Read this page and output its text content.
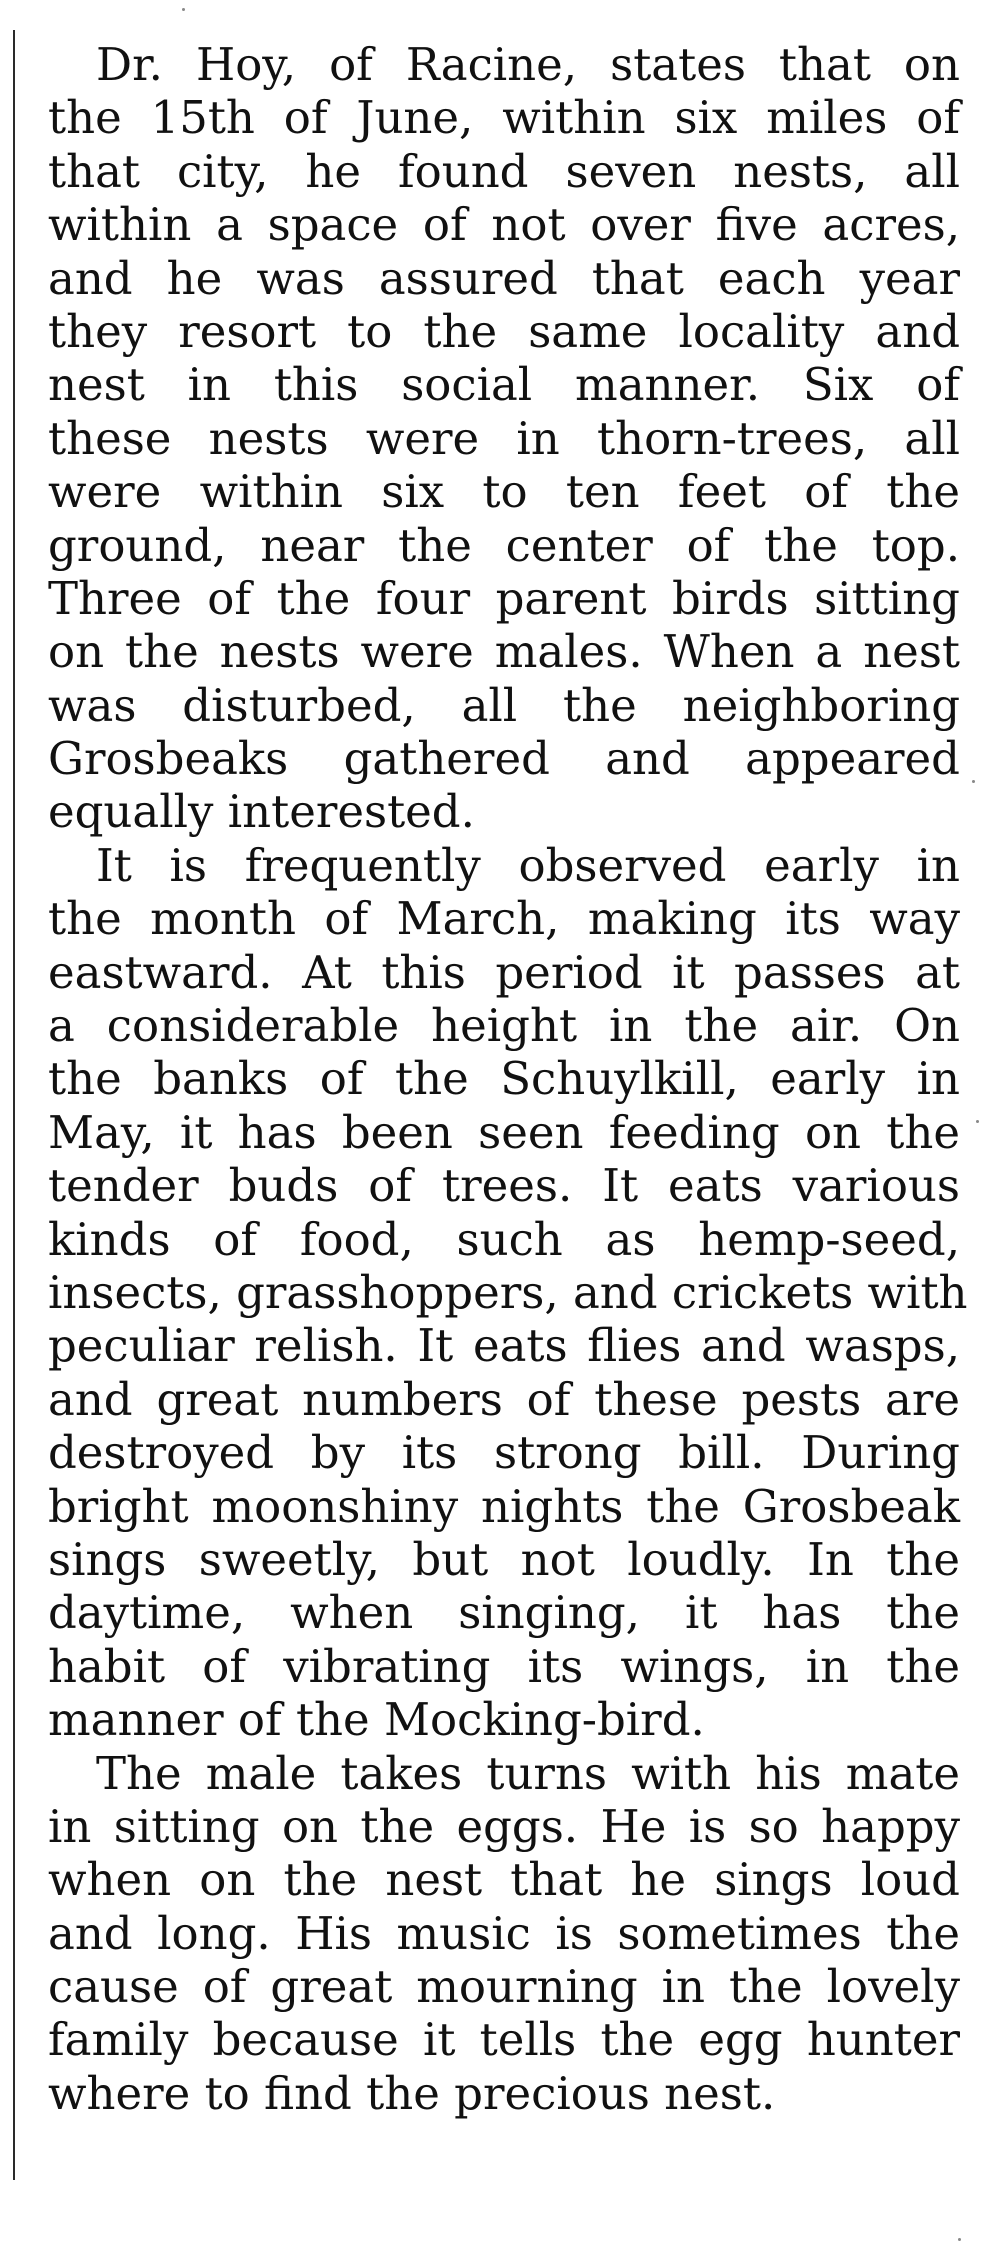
Dr. Hoy, of Racine, states that on
the 15th of June, within six miles of
that city, he found seven nests, all
within a space of not over five acres,
and he was assured that each year
they resort to the same locality and
nest in this social manner. Six of
these nests were in thorn-trees, all
were within six to ten feet of the
ground, near the center of the top.
Three of the four parent birds sitting
on the nests were males. When a nest
was disturbed, all the neighboring
Grosbeaks gathered and appeared
equally interested.
It is frequently observed early in
the month of March, making its way
eastward. At this period it passes at
a considerable height in the air. On
the banks of the Schuylkill, early in
May, it has been seen feeding on the
tender buds of trees. It eats various
kinds of food, such as hemp-seed,
insects, grasshoppers, and crickets with
peculiar relish. It eats flies and wasps,
and great numbers of these pests are
destroyed by its strong bill. During
bright moonshiny nights the Grosbeak
sings sweetly, but not loudly. In the
daytime, when singing, it has the
habit of vibrating its wings, in the
manner of the Mocking-bird.
The male takes turns with his mate
in sitting on the eggs. He is so happy
when on the nest that he sings loud
and long. His music is sometimes the
cause of great mourning in the lovely
family because it tells the egg hunter
where to find the precious nest.
